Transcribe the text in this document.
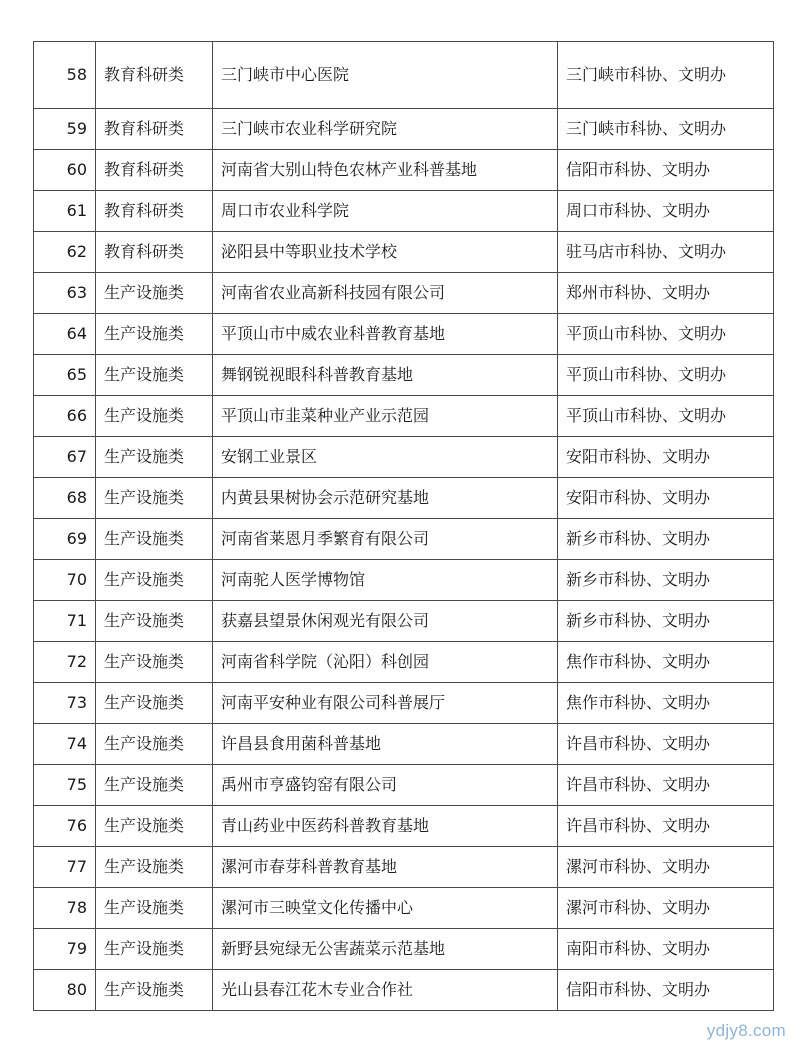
58	教育科研类	三门峡市中心医院	三门峡市科协、文明办
59	教育科研类	三门峡市农业科学研究院	三门峡市科协、文明办
60	教育科研类	河南省大别山特色农林产业科普基地	信阳市科协、文明办
61	教育科研类	周口市农业科学院	周口市科协、文明办
62	教育科研类	泌阳县中等职业技术学校	驻马店市科协、文明办
63	生产设施类	河南省农业高新科技园有限公司	郑州市科协、文明办
64	生产设施类	平顶山市中威农业科普教育基地	平顶山市科协、文明办
65	生产设施类	舞钢锐视眼科科普教育基地	平顶山市科协、文明办
66	生产设施类	平顶山市韭菜种业产业示范园	平顶山市科协、文明办
67	生产设施类	安钢工业景区	安阳市科协、文明办
68	生产设施类	内黄县果树协会示范研究基地	安阳市科协、文明办
69	生产设施类	河南省莱恩月季繁育有限公司	新乡市科协、文明办
70	生产设施类	河南驼人医学博物馆	新乡市科协、文明办
71	生产设施类	获嘉县望景休闲观光有限公司	新乡市科协、文明办
72	生产设施类	河南省科学院（沁阳）科创园	焦作市科协、文明办
73	生产设施类	河南平安种业有限公司科普展厅	焦作市科协、文明办
74	生产设施类	许昌县食用菌科普基地	许昌市科协、文明办
75	生产设施类	禹州市亨盛钧窑有限公司	许昌市科协、文明办
76	生产设施类	青山药业中医药科普教育基地	许昌市科协、文明办
77	生产设施类	漯河市春芽科普教育基地	漯河市科协、文明办
78	生产设施类	漯河市三映堂文化传播中心	漯河市科协、文明办
79	生产设施类	新野县宛绿无公害蔬菜示范基地	南阳市科协、文明办
80	生产设施类	光山县春江花木专业合作社	信阳市科协、文明办
ydjy8.com
